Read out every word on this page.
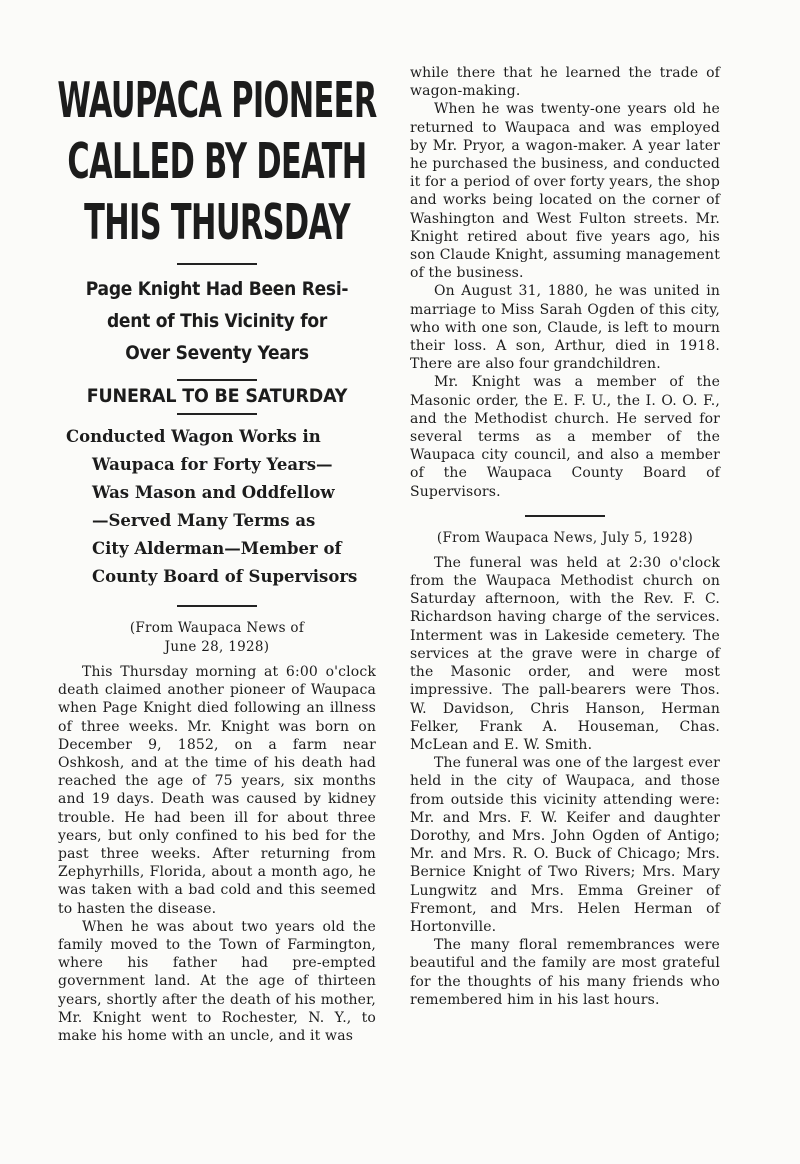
WAUPACA PIONEER
CALLED BY DEATH
THIS THURSDAY
Page Knight Had Been Resi-
dent of This Vicinity for
Over Seventy Years
FUNERAL TO BE SATURDAY
Conducted Wagon Works in
Waupaca for Forty Years—
Was Mason and Oddfellow
—Served Many Terms as
City Alderman—Member of
County Board of Supervisors
(From Waupaca News of
June 28, 1928)

This Thursday morning at 6:00 o'clock death claimed another pioneer of Waupaca when Page Knight died following an illness of three weeks. Mr. Knight was born on December 9, 1852, on a farm near Oshkosh, and at the time of his death had reached the age of 75 years, six months and 19 days. Death was caused by kidney trouble. He had been ill for about three years, but only confined to his bed for the past three weeks. After returning from Zephyrhills, Florida, about a month ago, he was taken with a bad cold and this seemed to hasten the disease.

When he was about two years old the family moved to the Town of Farmington, where his father had pre-empted government land. At the age of thirteen years, shortly after the death of his mother, Mr. Knight went to Rochester, N. Y., to make his home with an uncle, and it was

while there that he learned the trade of wagon-making.

When he was twenty-one years old he returned to Waupaca and was employed by Mr. Pryor, a wagon-maker. A year later he purchased the business, and conducted it for a period of over forty years, the shop and works being located on the corner of Washington and West Fulton streets. Mr. Knight retired about five years ago, his son Claude Knight, assuming management of the business.

On August 31, 1880, he was united in marriage to Miss Sarah Ogden of this city, who with one son, Claude, is left to mourn their loss. A son, Arthur, died in 1918. There are also four grandchildren.

Mr. Knight was a member of the Masonic order, the E. F. U., the I. O. O. F., and the Methodist church. He served for several terms as a member of the Waupaca city council, and also a member of the Waupaca County Board of Supervisors.

(From Waupaca News, July 5, 1928)

The funeral was held at 2:30 o'clock from the Waupaca Methodist church on Saturday afternoon, with the Rev. F. C. Richardson having charge of the services. Interment was in Lakeside cemetery. The services at the grave were in charge of the Masonic order, and were most impressive. The pall-bearers were Thos. W. Davidson, Chris Hanson, Herman Felker, Frank A. Houseman, Chas. McLean and E. W. Smith.

The funeral was one of the largest ever held in the city of Waupaca, and those from outside this vicinity attending were: Mr. and Mrs. F. W. Keifer and daughter Dorothy, and Mrs. John Ogden of Antigo; Mr. and Mrs. R. O. Buck of Chicago; Mrs. Bernice Knight of Two Rivers; Mrs. Mary Lungwitz and Mrs. Emma Greiner of Fremont, and Mrs. Helen Herman of Hortonville.

The many floral remembrances were beautiful and the family are most grateful for the thoughts of his many friends who remembered him in his last hours.
